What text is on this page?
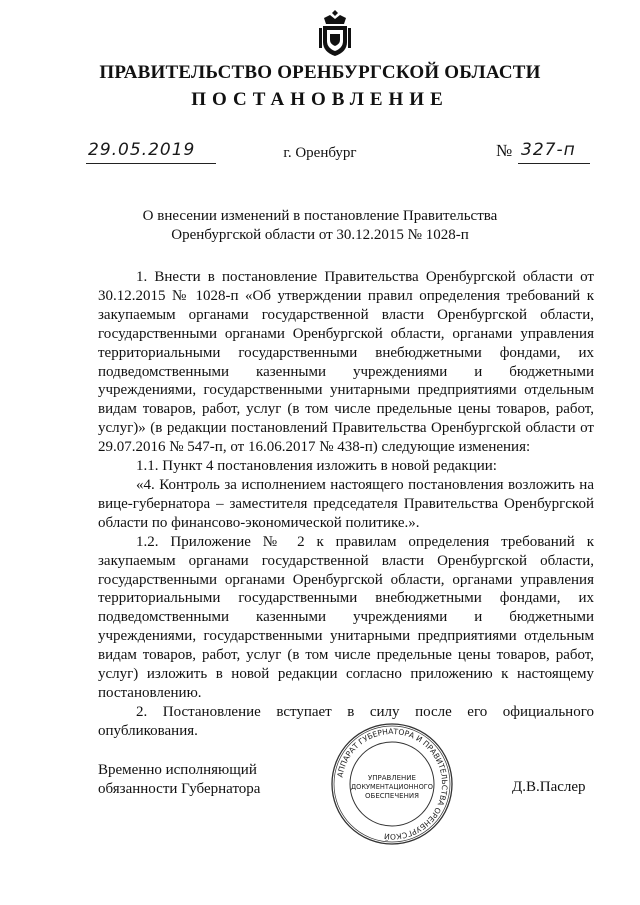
ПРАВИТЕЛЬСТВО ОРЕНБУРГСКОЙ ОБЛАСТИ
ПОСТАНОВЛЕНИЕ
29.05.2019	г. Оренбург	№ 327-п
О внесении изменений в постановление Правительства
Оренбургской области от 30.12.2015 № 1028-п

1. Внести в постановление Правительства Оренбургской области от 30.12.2015 № 1028-п «Об утверждении правил определения требований к закупаемым органами государственной власти Оренбургской области, государственными органами Оренбургской области, органами управления территориальными государственными внебюджетными фондами, их подведомственными казенными учреждениями и бюджетными учреждениями, государственными унитарными предприятиями отдельным видам товаров, работ, услуг (в том числе предельные цены товаров, работ, услуг)» (в редакции постановлений Правительства Оренбургской области от 29.07.2016 № 547-п, от 16.06.2017 № 438-п) следующие изменения:

1.1. Пункт 4 постановления изложить в новой редакции:

«4. Контроль за исполнением настоящего постановления возложить на вице-губернатора – заместителя председателя Правительства Оренбургской области по финансово-экономической политике.».

1.2. Приложение № 2 к правилам определения требований к закупаемым органами государственной власти Оренбургской области, государственными органами Оренбургской области, органами управления территориальными государственными внебюджетными фондами, их подведомственными казенными учреждениями и бюджетными учреждениями, государственными унитарными предприятиями отдельным видам товаров, работ, услуг (в том числе предельные цены товаров, работ, услуг) изложить в новой редакции согласно приложению к настоящему постановлению.

2. Постановление вступает в силу после его официального опубликования.

Временно исполняющий
обязанности Губернатора	Д.В.Паслер
АППАРАТ ГУБЕРНАТОРА И ПРАВИТЕЛЬСТВА ОРЕНБУРГСКОЙ
УПРАВЛЕНИЕ
ДОКУМЕНТАЦИОННОГО
ОБЕСПЕЧЕНИЯ
